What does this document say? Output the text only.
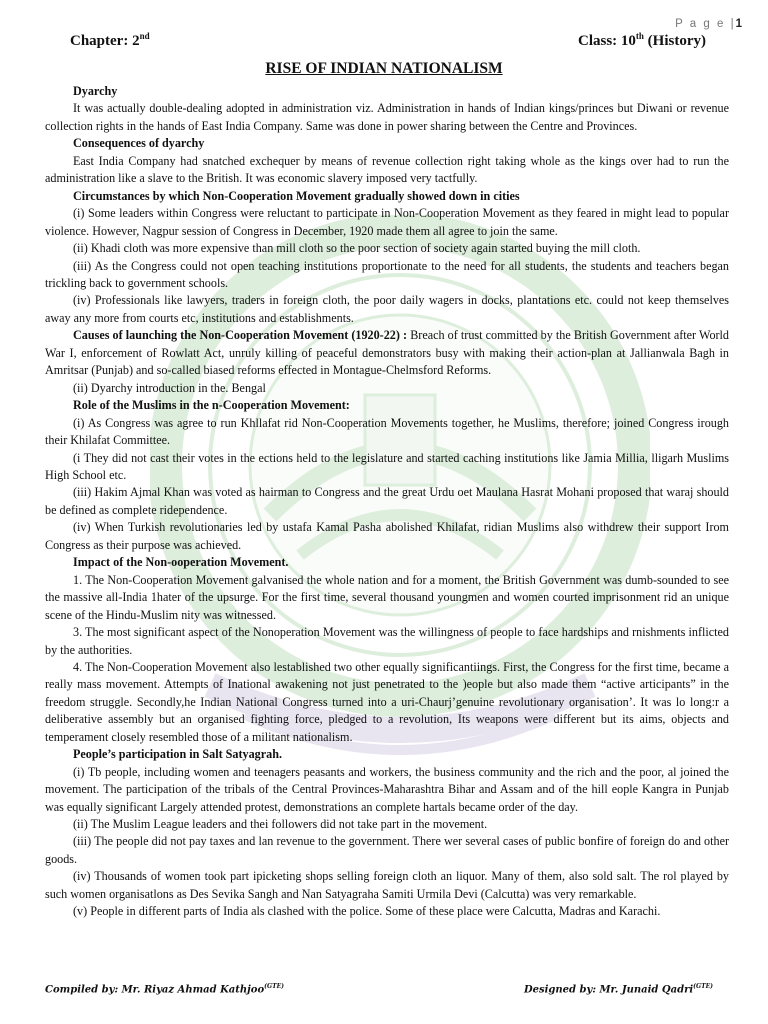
P a g e |1
Chapter: 2nd	Class: 10th (History)
RISE OF INDIAN NATIONALISM

Dyarchy

It was actually double-dealing adopted in administration viz. Administration in hands of Indian kings/princes but Diwani or revenue collection rights in the hands of East India Company. Same was done in power sharing between the Centre and Provinces.

Consequences of dyarchy

East India Company had snatched exchequer by means of revenue collection right taking whole as the kings over had to run the administration like a slave to the British. It was economic slavery imposed very tactfully.

Circumstances by which Non-Cooperation Movement gradually showed down in cities

(i) Some leaders within Congress were reluctant to participate in Non-Cooperation Movement as they feared in might lead to popular violence. However, Nagpur session of Congress in December, 1920 made them all agree to join the same.

(ii) Khadi cloth was more expensive than mill cloth so the poor section of society again started buying the mill cloth.

(iii) As the Congress could not open teaching institutions proportionate to the need for all students, the students and teachers began trickling back to government schools.

(iv) Professionals like lawyers, traders in foreign cloth, the poor daily wagers in docks, plantations etc. could not keep themselves away any more from courts etc, institutions and establishments.

Causes of launching the Non-Cooperation Movement (1920-22) : Breach of trust committed by the British Government after World War I, enforcement of Rowlatt Act, unruly killing of peaceful demonstrators busy with making their action-plan at Jallianwala Bagh in Amritsar (Punjab) and so-called biased reforms effected in Montague-Chelmsford Reforms.

(ii) Dyarchy introduction in the. Bengal

Role of the Muslims in the n-Cooperation Movement:

(i) As Congress was agree to run Khllafat rid Non-Cooperation Movements together, he Muslims, therefore; joined Congress irough their Khilafat Committee.

(i They did not cast their votes in the ections held to the legislature and started caching institutions like Jamia Millia, lligarh Muslims High School etc.

(iii) Hakim Ajmal Khan was voted as hairman to Congress and the great Urdu oet Maulana Hasrat Mohani proposed that waraj should be defined as complete ridependence.

(iv) When Turkish revolutionaries led by ustafa Kamal Pasha abolished Khilafat, ridian Muslims also withdrew their support Irom Congress as their purpose was achieved.

Impact of the Non-ooperation Movement.

1. The Non-Cooperation Movement galvanised the whole nation and for a moment, the British Government was dumb-sounded to see the massive all-India 1hater of the upsurge. For the first time, several thousand youngmen and women courted imprisonment rid an unique scene of the Hindu-Muslim nity was witnessed.

3. The most significant aspect of the Nonoperation Movement was the willingness of people to face hardships and rnishments inflicted by the authorities.

4. The Non-Cooperation Movement also lestablished two other equally significantiings. First, the Congress for the first time, became a really mass movement. Attempts of Inational awakening not just penetrated to the )eople but also made them “active articipants” in the freedom struggle. Secondly,he Indian National Congress turned into a uri-Chaurj’genuine revolutionary organisation’. It was lo long:r a deliberative assembly but an organised fighting force, pledged to a revolution, Its weapons were different but its aims, objects and temperament closely resembled those of a militant nationalism.

People’s participation in Salt Satyagrah.

(i) Tb people, including women and teenagers peasants and workers, the business community and the rich and the poor, al joined the movement. The participation of the tribals of the Central Provinces-Maharashtra Bihar and Assam and of the hill eople Kangra in Punjab was equally significant Largely attended protest, demonstrations an complete hartals became order of the day.

(ii) The Muslim League leaders and thei followers did not take part in the movement.

(iii) The people did not pay taxes and lan revenue to the government. There wer several cases of public bonfire of foreign do and other goods.

(iv) Thousands of women took part ipicketing shops selling foreign cloth an liquor. Many of them, also sold salt. The rol played by such women organisatlons as Des Sevika Sangh and Nan Satyagraha Samiti Urmila Devi (Calcutta) was very remarkable.

(v) People in different parts of India als clashed with the police. Some of these place were Calcutta, Madras and Karachi.

Compiled by: Mr. Riyaz Ahmad Kathjoo$^{(GTE)}$	Designed by: Mr. Junaid Qadri$^{(GTE)}$
